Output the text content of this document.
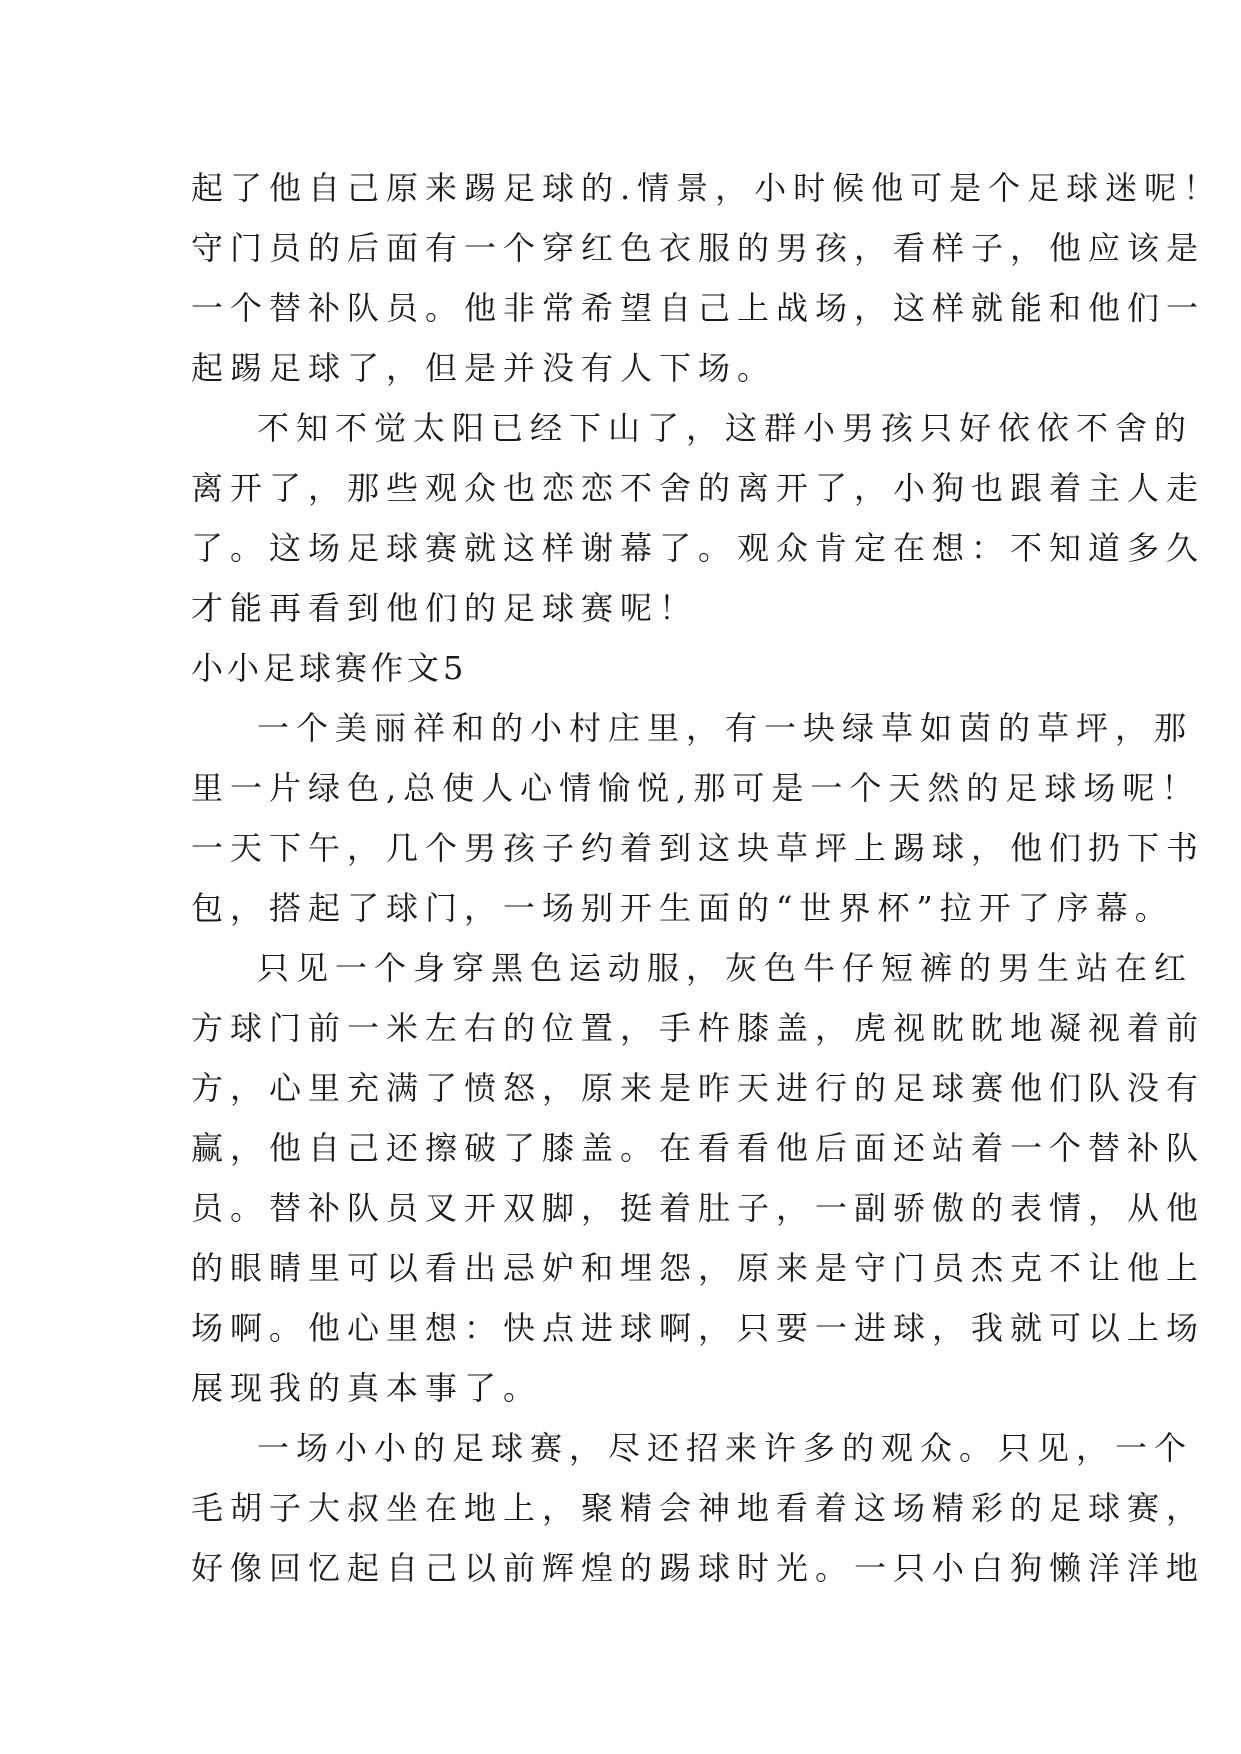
起了他自己原来踢足球的.情景，小时候他可是个足球迷呢！
守门员的后面有一个穿红色衣服的男孩，看样子，他应该是
一个替补队员。他非常希望自己上战场，这样就能和他们一
起踢足球了，但是并没有人下场。
不知不觉太阳已经下山了，这群小男孩只好依依不舍的
离开了，那些观众也恋恋不舍的离开了，小狗也跟着主人走
了。这场足球赛就这样谢幕了。观众肯定在想：不知道多久
才能再看到他们的足球赛呢！
小小足球赛作文5
一个美丽祥和的小村庄里，有一块绿草如茵的草坪，那
里一片绿色,总使人心情愉悦,那可是一个天然的足球场呢！
一天下午，几个男孩子约着到这块草坪上踢球，他们扔下书
包，搭起了球门，一场别开生面的“世界杯”拉开了序幕。
只见一个身穿黑色运动服，灰色牛仔短裤的男生站在红
方球门前一米左右的位置，手杵膝盖，虎视眈眈地凝视着前
方，心里充满了愤怒，原来是昨天进行的足球赛他们队没有
赢，他自己还擦破了膝盖。在看看他后面还站着一个替补队
员。替补队员叉开双脚，挺着肚子，一副骄傲的表情，从他
的眼睛里可以看出忌妒和埋怨，原来是守门员杰克不让他上
场啊。他心里想：快点进球啊，只要一进球，我就可以上场
展现我的真本事了。
一场小小的足球赛，尽还招来许多的观众。只见，一个
毛胡子大叔坐在地上，聚精会神地看着这场精彩的足球赛，
好像回忆起自己以前辉煌的踢球时光。一只小白狗懒洋洋地
